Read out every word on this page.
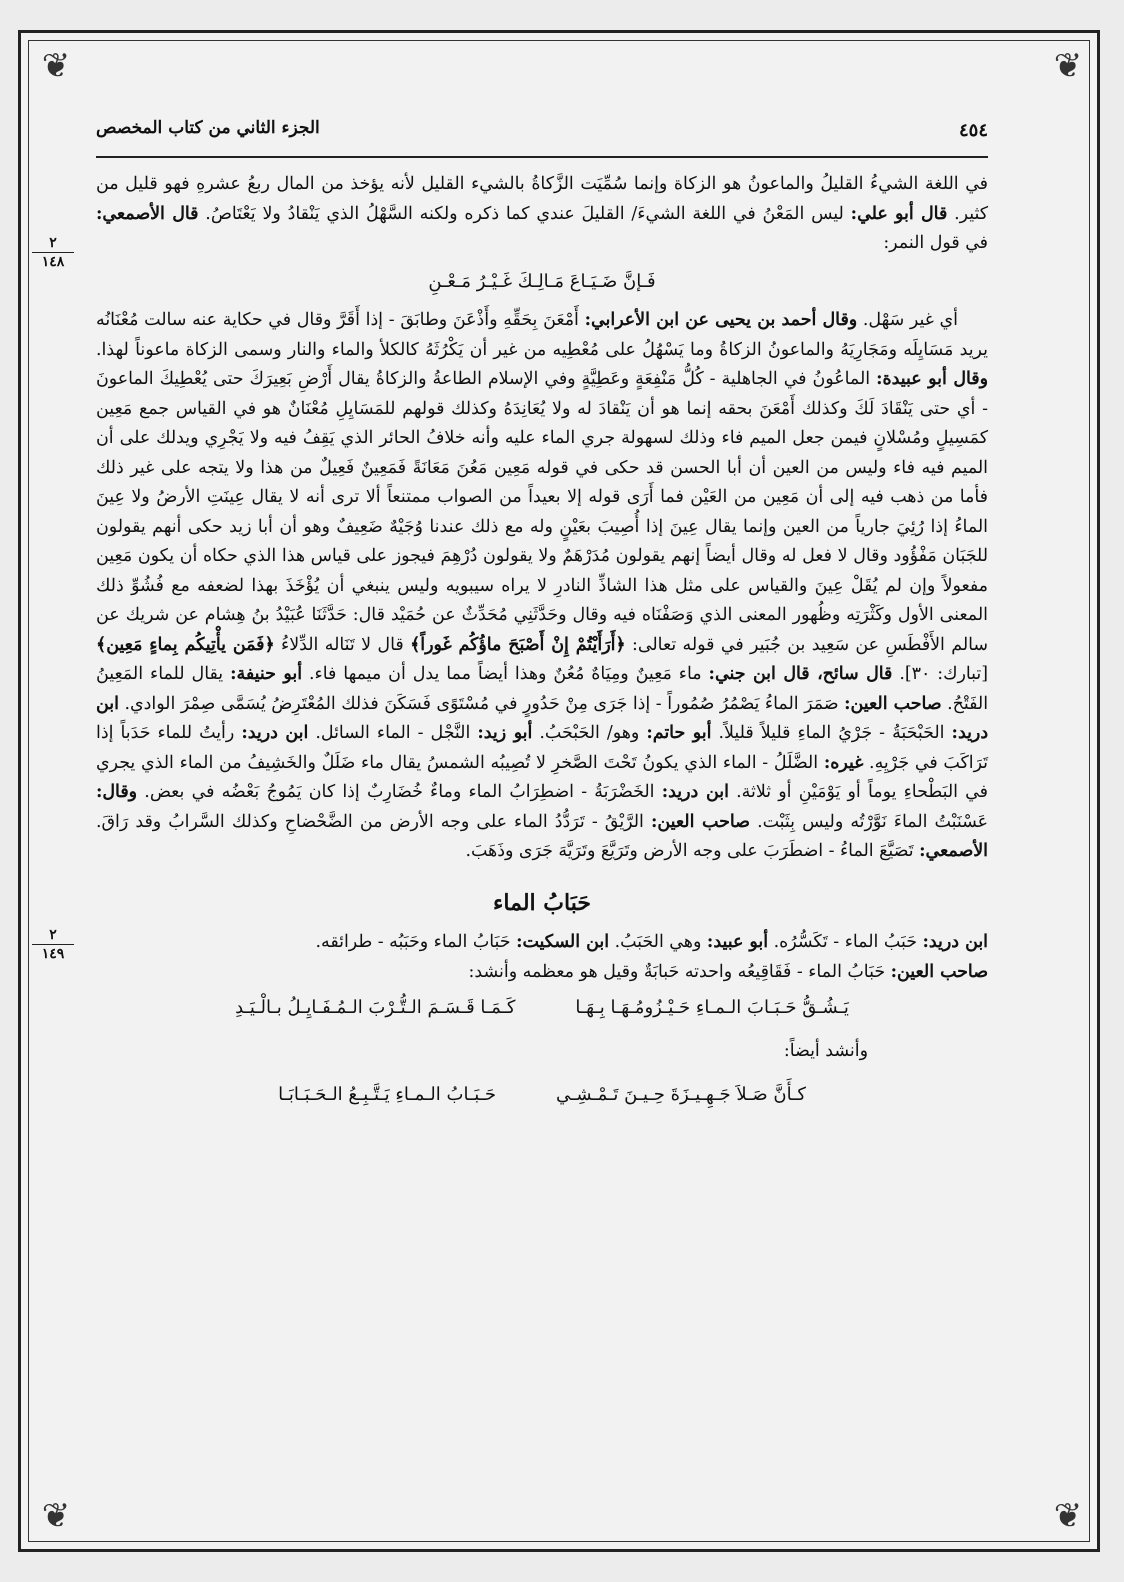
❦	❦
❦	❦
الجزء الثاني من كتاب المخصص	٤٥٤
٢
١٤٨
٢
١٤٩

في اللغة الشيءُ القليلُ والماعونُ هو الزكاة وإنما سُمِّيَت الزَّكاةُ بالشيء القليل لأنه يؤخذ من المال ربعُ عشرهِ فهو قليل من كثير. قال أبو علي: ليس المَعْنُ في اللغة الشيءَ/ القليلَ عندي كما ذكره ولكنه السَّهْلُ الذي يَنْقادُ ولا يَعْتَاصُ. قال الأصمعي: في قول النمر:

فَـإنَّ ضَـيَـاعَ مَـالِـكَ غَـيْـرُ مَـعْـنِ

أي غير سَهْل. وقال أحمد بن يحيى عن ابن الأعرابي: أَمْعَنَ بِحَقِّهِ وأَذْعَنَ وطابَقَ - إذا أَقَرَّ وقال في حكاية عنه سالت مُعْنَانُه يريد مَسَايِلَه ومَجَارِيَهُ والماعونُ الزكاةُ وما يَسْهُلُ على مُعْطِيه من غير أن يَكْرُثَهُ كالكلأ والماء والنار وسمى الزكاة ماعوناً لهذا. وقال أبو عبيدة: الماعُونُ في الجاهلية - كُلُّ مَنْفِعَةٍ وعَطِيَّةٍ وفي الإسلام الطاعةُ والزكاةُ يقال أَرْضِ بَعِيرَكَ حتى يُعْطِيكَ الماعونَ - أي حتى يَنْقَادَ لَكَ وكذلك أَمْعَنَ بحقه إنما هو أن يَنْقادَ له ولا يُعَانِدَهُ وكذلك قولهم للمَسَايِلِ مُعْنَانٌ هو في القياس جمع مَعِين كمَسِيلٍ ومُسْلانٍ فيمن جعل الميم فاء وذلك لسهولة جري الماء عليه وأنه خلافُ الحائر الذي يَقِفُ فيه ولا يَجْرِي ويدلك على أن الميم فيه فاء وليس من العين أن أبا الحسن قد حكى في قوله مَعِين مَعُنَ مَعَانَةً فَمَعِينٌ فَعِيلٌ من هذا ولا يتجه على غير ذلك فأما من ذهب فيه إلى أن مَعِين من العَيْن فما أَرَى قوله إلا بعيداً من الصواب ممتنعاً ألا ترى أنه لا يقال عِينَتِ الأرضُ ولا عِينَ الماءُ إذا رُئِيَ جارياً من العين وإنما يقال عِينَ إذا أُصِيبَ بعَيْنٍ وله مع ذلك عندنا وُجَيْهٌ ضَعِيفٌ وهو أن أبا زيد حكى أنهم يقولون للجَبَان مَفْؤُود وقال لا فعل له وقال أيضاً إنهم يقولون مُدَرْهَمٌ ولا يقولون دُرْهِمَ فيجوز على قياس هذا الذي حكاه أن يكون مَعِين مفعولاً وإن لم يُقَلْ عِينَ والقياس على مثل هذا الشاذِّ النادرِ لا يراه سيبويه وليس ينبغي أن يُؤْخَذَ بهذا لضعفه مع فُشُوِّ ذلك المعنى الأول وكَثْرَتِه وظُهور المعنى الذي وَصَفْنَاه فيه وقال وحَدَّثَنِي مُحَدِّثٌ عن حُمَيْد قال: حَدَّثَنَا عُبَيْدُ بنُ هِشام عن شريك عن سالم الأَفْطَسِ عن سَعِيد بن جُبَير في قوله تعالى: ﴿أَرَأَيْتُمْ إِنْ أَصْبَحَ ماؤُكُم غَوراً﴾ قال لا تَنَاله الدِّلاءُ ﴿فَمَن يأْتِيكُم بِماءٍ مَعِين﴾ [تبارك: ٣٠]. قال سائح، قال ابن جني: ماء مَعِينٌ ومِيَاهٌ مُعُنٌ وهذا أيضاً مما يدل أن ميمها فاء. أبو حنيفة: يقال للماء المَعِينُ الفَتْحُ. صاحب العين: صَمَرَ الماءُ يَصْمُرُ صُمُوراً - إذا جَرَى مِنْ حَدُورٍ في مُسْتَوًى فَسَكَنَ فذلك المُعْتَرِضُ يُسَمَّى صِمْرَ الوادي. ابن دريد: الحَبْحَبَةُ - جَرْيُ الماءِ قليلاً قليلاً. أبو حاتم: وهو/ الحَبْحَبُ. أبو زيد: النَّجْل - الماء السائل. ابن دريد: رأيتُ للماء حَدَباً إذا تَرَاكَبَ في جَرْيِهِ. غيره: الضَّلَلُ - الماء الذي يكونُ تَحْتَ الصَّخرِ لا تُصِيبُه الشمسُ يقال ماء ضَلَلٌ والخَشِيفُ من الماء الذي يجري في البَطْحاءِ يوماً أو يَوْمَيْنِ أو ثلاثة. ابن دريد: الخَضْرَبَةُ - اضطِرَابُ الماء وماءٌ خُضَارِبٌ إذا كان يَمُوجُ بَعْضُه في بعض. وقال: عَسْنَبْتُ الماءَ نَوَّرْتُه وليس بِثَبْت. صاحب العين: الرَّيْقُ - تَرَدُّدُ الماء على وجه الأرض من الضَّحْضاحِ وكذلك السَّرابُ وقد رَاقَ. الأصمعي: تَصَيَّعَ الماءُ - اضطَرَبَ على وجه الأرض وتَرَيَّعَ وتَرَيَّهَ جَرَى وذَهَبَ.

حَبَابُ الماء

ابن دريد: حَبَبُ الماء - تَكَسُّرُه. أبو عبيد: وهي الحَبَبُ. ابن السكيت: حَبَابُ الماء وحَبَبُه - طرائقه.

صاحب العين: حَبَابُ الماء - فَقَاقِيعُه واحدته حَبابَةٌ وقيل هو معظمه وأنشد:

يَـشُـقُّ حَـبَـابَ الـمـاءِ حَـيْـزُومُـهَـا بِـهَـا
كَـمَـا قَـسَـمَ الـتُّـرْبَ الـمُـفَـايِـلُ بـالْـيَـدِ
وأنشد أيضاً:
كـأَنَّ صَـلاَ جَـهِـيـزَةَ حِـيـنَ تَـمْـشِـي
حَـبَـابُ الـمـاءِ يَـتَّـبِـعُ الـحَـبَـابَـا
